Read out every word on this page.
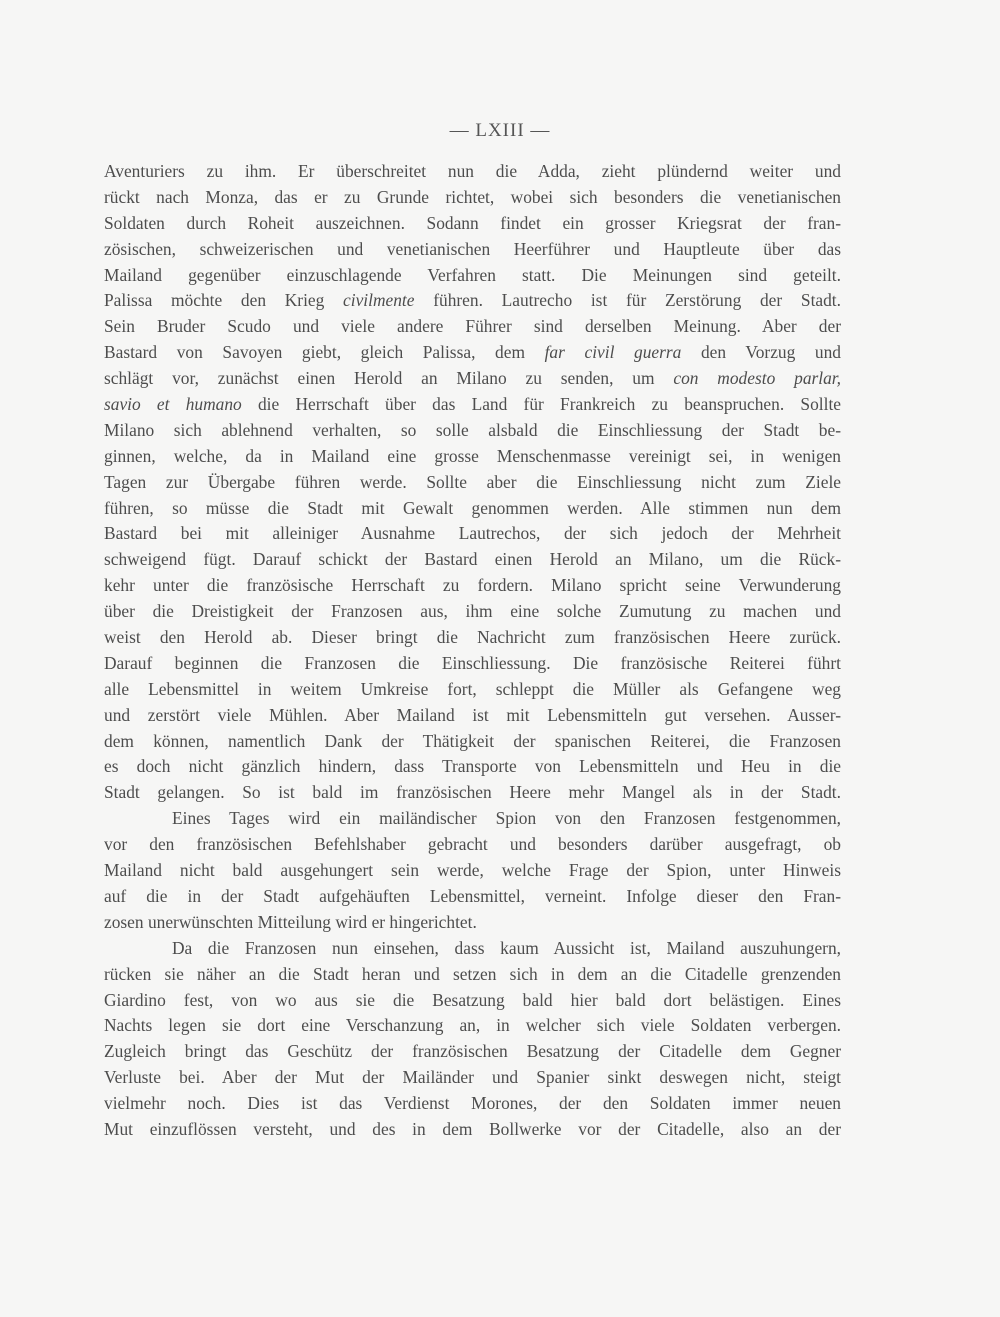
— LXIII —
Aventuriers zu ihm. Er überschreitet nun die Adda, zieht plündernd weiter und
rückt nach Monza, das er zu Grunde richtet, wobei sich besonders die venetianischen
Soldaten durch Roheit auszeichnen. Sodann findet ein grosser Kriegsrat der fran-
zösischen, schweizerischen und venetianischen Heerführer und Hauptleute über das
Mailand gegenüber einzuschlagende Verfahren statt. Die Meinungen sind geteilt.
Palissa möchte den Krieg civilmente führen. Lautrecho ist für Zerstörung der Stadt.
Sein Bruder Scudo und viele andere Führer sind derselben Meinung. Aber der
Bastard von Savoyen giebt, gleich Palissa, dem far civil guerra den Vorzug und
schlägt vor, zunächst einen Herold an Milano zu senden, um con modesto parlar,
savio et humano die Herrschaft über das Land für Frankreich zu beanspruchen. Sollte
Milano sich ablehnend verhalten, so solle alsbald die Einschliessung der Stadt be-
ginnen, welche, da in Mailand eine grosse Menschenmasse vereinigt sei, in wenigen
Tagen zur Übergabe führen werde. Sollte aber die Einschliessung nicht zum Ziele
führen, so müsse die Stadt mit Gewalt genommen werden. Alle stimmen nun dem
Bastard bei mit alleiniger Ausnahme Lautrechos, der sich jedoch der Mehrheit
schweigend fügt. Darauf schickt der Bastard einen Herold an Milano, um die Rück-
kehr unter die französische Herrschaft zu fordern. Milano spricht seine Verwunderung
über die Dreistigkeit der Franzosen aus, ihm eine solche Zumutung zu machen und
weist den Herold ab. Dieser bringt die Nachricht zum französischen Heere zurück.
Darauf beginnen die Franzosen die Einschliessung. Die französische Reiterei führt
alle Lebensmittel in weitem Umkreise fort, schleppt die Müller als Gefangene weg
und zerstört viele Mühlen. Aber Mailand ist mit Lebensmitteln gut versehen. Ausser-
dem können, namentlich Dank der Thätigkeit der spanischen Reiterei, die Franzosen
es doch nicht gänzlich hindern, dass Transporte von Lebensmitteln und Heu in die
Stadt gelangen. So ist bald im französischen Heere mehr Mangel als in der Stadt.
Eines Tages wird ein mailändischer Spion von den Franzosen festgenommen,
vor den französischen Befehlshaber gebracht und besonders darüber ausgefragt, ob
Mailand nicht bald ausgehungert sein werde, welche Frage der Spion, unter Hinweis
auf die in der Stadt aufgehäuften Lebensmittel, verneint. Infolge dieser den Fran-
zosen unerwünschten Mitteilung wird er hingerichtet.
Da die Franzosen nun einsehen, dass kaum Aussicht ist, Mailand auszuhungern,
rücken sie näher an die Stadt heran und setzen sich in dem an die Citadelle grenzenden
Giardino fest, von wo aus sie die Besatzung bald hier bald dort belästigen. Eines
Nachts legen sie dort eine Verschanzung an, in welcher sich viele Soldaten verbergen.
Zugleich bringt das Geschütz der französischen Besatzung der Citadelle dem Gegner
Verluste bei. Aber der Mut der Mailänder und Spanier sinkt deswegen nicht, steigt
vielmehr noch. Dies ist das Verdienst Morones, der den Soldaten immer neuen
Mut einzuflössen versteht, und des in dem Bollwerke vor der Citadelle, also an der
